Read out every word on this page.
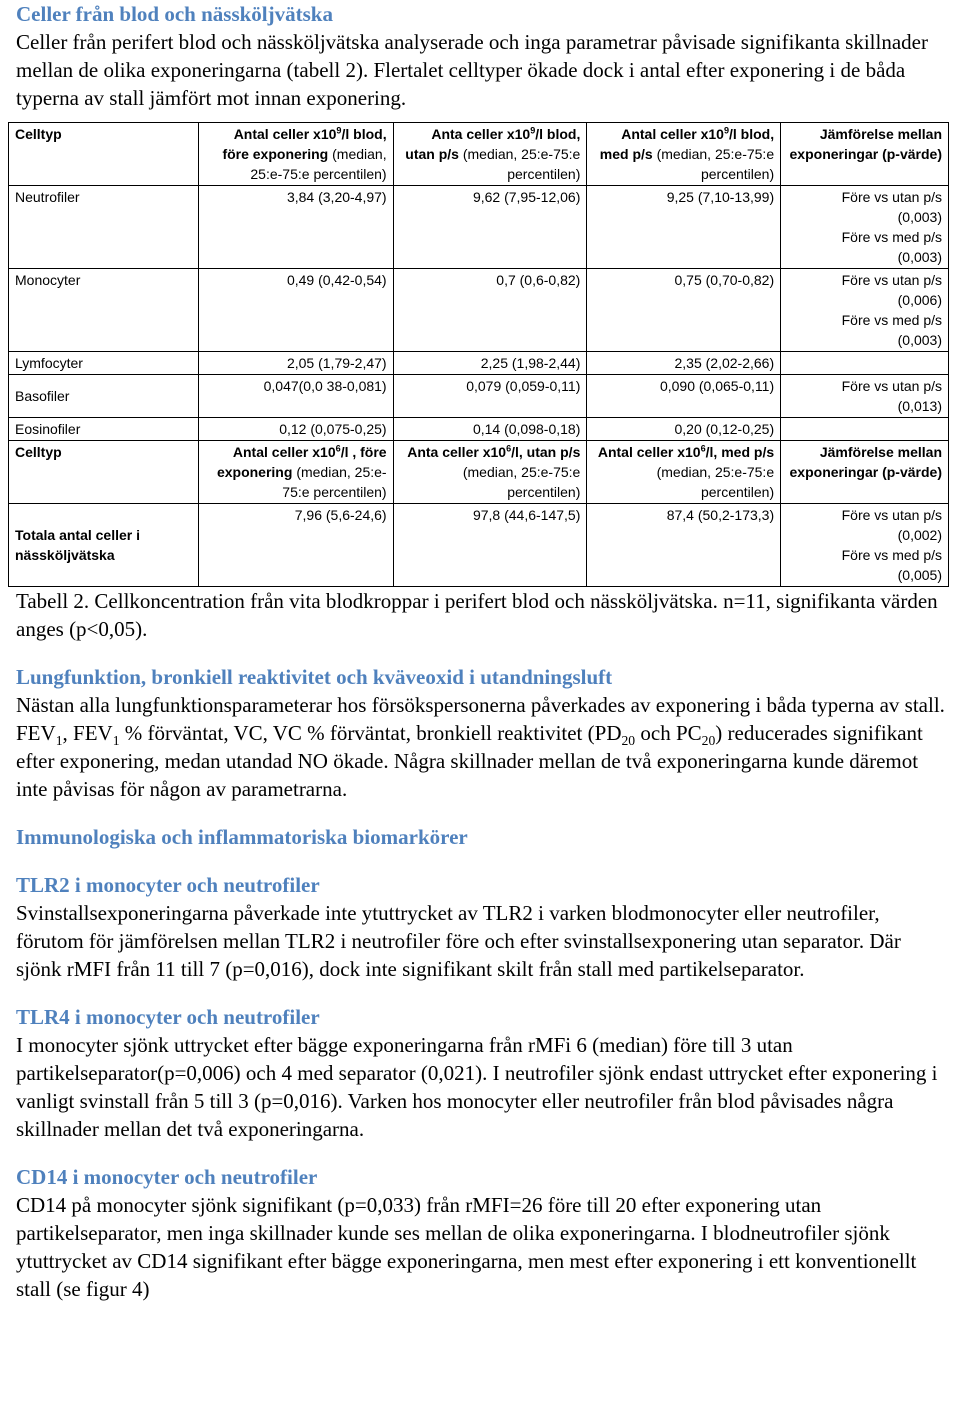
Celler från blod och nässköljvätska

Celler från perifert blod och nässköljvätska analyserade och inga parametrar påvisade signifikanta skillnader mellan de olika exponeringarna (tabell 2). Flertalet celltyper ökade dock i antal efter exponering i de båda typerna av stall jämfört mot innan exponering.

Celltyp	Antal celler $x10^9/l$ blod, före exponering (median, 25:e-75:e percentilen)	Anta celler $x10^9/l$ blod, utan p/s (median, 25:e-75:e percentilen)	Antal celler $x10^9/l$ blod, med p/s (median, 25:e-75:e percentilen)	Jämförelse mellan exponeringar (p-värde)
Neutrofiler	3,84 (3,20-4,97)	9,62 (7,95-12,06)	9,25 (7,10-13,99)	Före vs utan p/s
(0,003)
Före vs med p/s
(0,003)

Monocyter	0,49 (0,42-0,54)	0,7 (0,6-0,82)	0,75 (0,70-0,82)	Före vs utan p/s
(0,006)
Före vs med p/s
(0,003)

Lymfocyter	2,05 (1,79-2,47)	2,25 (1,98-2,44)	2,35 (2,02-2,66)	
Basofiler	0,047(0,0 38-0,081)	0,079 (0,059-0,11)	0,090 (0,065-0,11)	Före vs utan p/s
(0,013)

Eosinofiler	0,12 (0,075-0,25)	0,14 (0,098-0,18)	0,20 (0,12-0,25)	
Celltyp	Antal celler $x10^6/l$ , före exponering (median, 25:e-75:e percentilen)	Anta celler $x10^6/l$, utan p/s (median, 25:e-75:e percentilen)	Antal celler $x10^6/l$, med p/s (median, 25:e-75:e percentilen)	Jämförelse mellan exponeringar (p-värde)
Totala antal celler i nässköljvätska	7,96 (5,6-24,6)	97,8 (44,6-147,5)	87,4 (50,2-173,3)	Före vs utan p/s
(0,002)
Före vs med p/s
(0,005)

Tabell 2. Cellkoncentration från vita blodkroppar i perifert blod och nässköljvätska. n=11, signifikanta värden anges (p<0,05).

Lungfunktion, bronkiell reaktivitet och kväveoxid i utandningsluft

Nästan alla lungfunktionsparameterar hos försökspersonerna påverkades av exponering i båda typerna av stall. $FEV_1$, $FEV_1$ % förväntat, VC, VC % förväntat, bronkiell reaktivitet ($PD_{20}$ och $PC_{20}$) reducerades signifikant efter exponering, medan utandad NO ökade. Några skillnader mellan de två exponeringarna kunde däremot inte påvisas för någon av parametrarna.

Immunologiska och inflammatoriska biomarkörer
TLR2 i monocyter och neutrofiler

Svinstallsexponeringarna påverkade inte ytuttrycket av TLR2 i varken blodmonocyter eller neutrofiler, förutom för jämförelsen mellan TLR2 i neutrofiler före och efter svinstallsexponering utan separator. Där sjönk rMFI från 11 till 7 (p=0,016), dock inte signifikant skilt från stall med partikelseparator.

TLR4 i monocyter och neutrofiler

I monocyter sjönk uttrycket efter bägge exponeringarna från rMFi 6 (median) före till 3 utan partikelseparator(p=0,006) och 4 med separator (0,021). I neutrofiler sjönk endast uttrycket efter exponering i vanligt svinstall från 5 till 3 (p=0,016). Varken hos monocyter eller neutrofiler från blod påvisades några skillnader mellan det två exponeringarna.

CD14 i monocyter och neutrofiler

CD14 på monocyter sjönk signifikant (p=0,033) från rMFI=26 före till 20 efter exponering utan partikelseparator, men inga skillnader kunde ses mellan de olika exponeringarna. I blodneutrofiler sjönk ytuttrycket av CD14 signifikant efter bägge exponeringarna, men mest efter exponering i ett konventionellt stall (se figur 4)
